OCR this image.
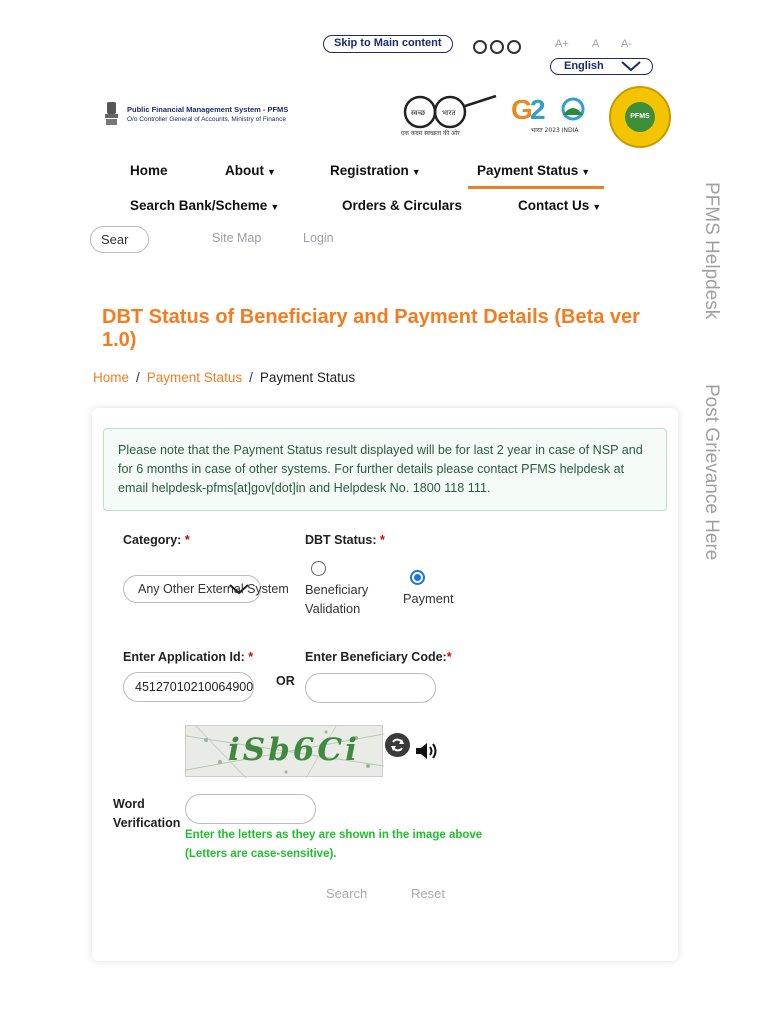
Skip to Main content	A+ A A-
English
Public Financial Management System - PFMS
O/o Controller General of Accounts, Ministry of Finance
स्वच्छ भारत
एक कदम स्वच्छता की ओर
G
2
भारत 2023 INDIA
PFMS
Home	About ▼	Registration ▼	Payment Status ▼
Search Bank/Scheme ▼	Orders & Circulars	Contact Us ▼
Sear	Site Map	Login	PFMS Helpdesk
Post Grievance Here
DBT Status of Beneficiary and Payment Details (Beta ver 1.0)
Home / Payment Status / Payment Status
Please note that the Payment Status result displayed will be for last 2 year in case of NSP and for 6 months in case of other systems. For further details please contact PFMS helpdesk at email helpdesk-pfms[at]gov[dot]in and Helpdesk No. 1800 118 111.
Category: *
Any Other External System
DBT Status: *
Beneficiary
Validation
Payment
Enter Application Id: *
45127010210064900 OR
Enter Beneficiary Code:*
iSb6Ci
Word
Verification
Enter the letters as they are shown in the image above
(Letters are case-sensitive).
Search	Reset
